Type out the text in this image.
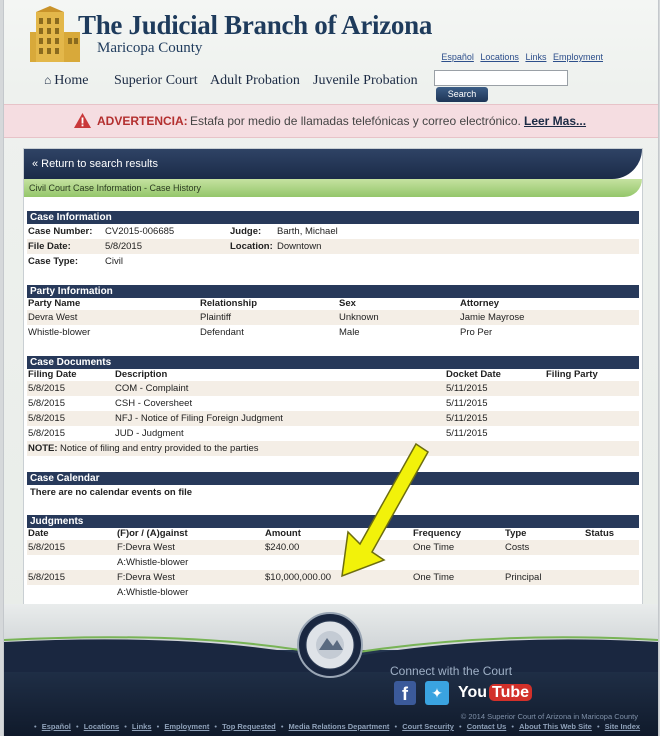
The Judicial Branch of Arizona
Maricopa County
Español Locations Links Employment
⌂ Home Superior Court Adult Probation Juvenile Probation
Search
ADVERTENCIA: Estafa por medio de llamadas telefónicas y correo electrónico. Leer Mas...
« Return to search results
Civil Court Case Information - Case History
Case Information
Case Number: CV2015-006685	Judge: Barth, Michael
File Date:	5/8/2015	Location: Downtown
Case Type:	Civil
Party Information
Party Name	Relationship	Sex	Attorney
Devra West	Plaintiff	Unknown	Jamie Mayrose
Whistle-blower	Defendant	Male	Pro Per
Case Documents
Filing Date	Description	Docket Date	Filing Party
5/8/2015	COM - Complaint	5/11/2015
5/8/2015	CSH - Coversheet	5/11/2015
5/8/2015	NFJ - Notice of Filing Foreign Judgment	5/11/2015
5/8/2015	JUD - Judgment	5/11/2015
NOTE: Notice of filing and entry provided to the parties
Case Calendar
There are no calendar events on file
Judgments
Date	(F)or / (A)gainst	Amount	Frequency	Type	Status
5/8/2015	F:Devra West	$240.00	One Time	Costs
A:Whistle-blower
5/8/2015	F:Devra West	$10,000,000.00	One Time	Principal
A:Whistle-blower
Connect with the Court
f	✦ You Tube
© 2014 Superior Court of Arizona in Maricopa County
• Español • Locations • Links • Employment • Top Requested • Media Relations Department • Court Security • Contact Us • About This Web Site • Site Index
